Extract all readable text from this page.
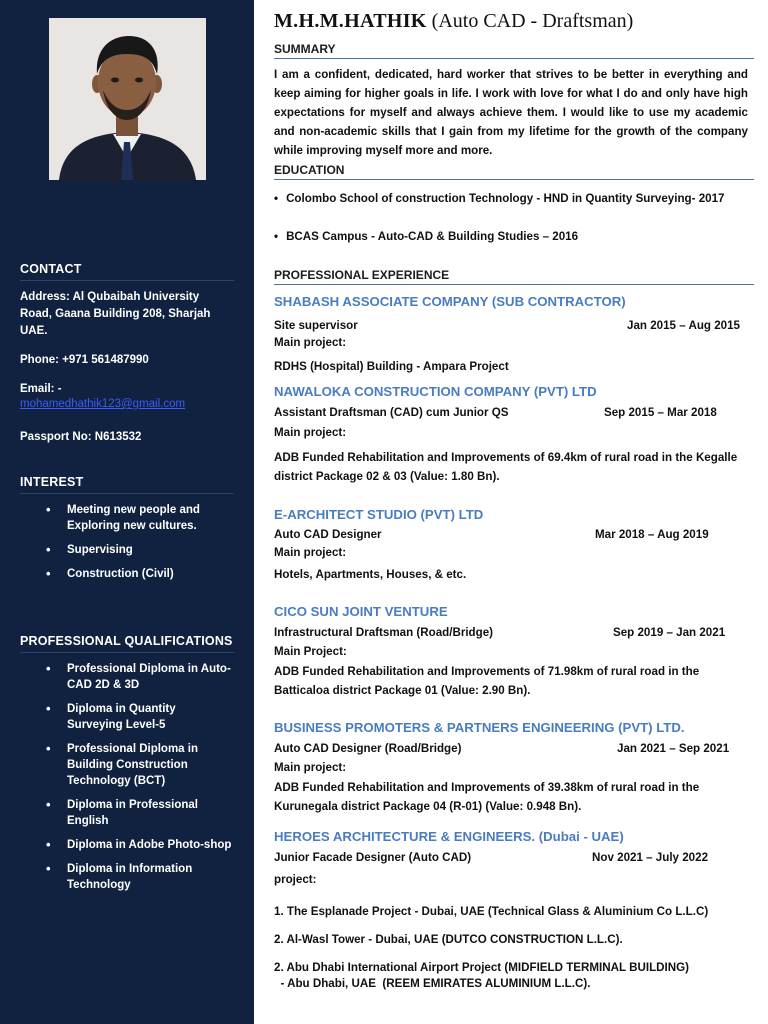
CONTACT
Address: Al Qubaibah University Road, Gaana Building 208, Sharjah UAE.
Phone: +971 561487990
Email: -
mohamedhathik123@gmail.com
Passport No: N613532
INTEREST
• Meeting new people and Exploring new cultures.
• Supervising
• Construction (Civil)
PROFESSIONAL QUALIFICATIONS
• Professional Diploma in Auto-CAD 2D & 3D
• Diploma in Quantity Surveying Level-5
• Professional Diploma in Building Construction Technology (BCT)
• Diploma in Professional English
• Diploma in Adobe Photo-shop
• Diploma in Information Technology
M.H.M.HATHIK (Auto CAD - Draftsman)
SUMMARY
I am a confident, dedicated, hard worker that strives to be better in everything and keep aiming for higher goals in life. I work with love for what I do and only have high expectations for myself and always achieve them. I would like to use my academic and non-academic skills that I gain from my lifetime for the growth of the company while improving myself more and more.
EDUCATION
• Colombo School of construction Technology - HND in Quantity Surveying- 2017
• BCAS Campus - Auto-CAD & Building Studies – 2016
PROFESSIONAL EXPERIENCE
SHABASH ASSOCIATE COMPANY (SUB CONTRACTOR)
Site supervisor	Jan 2015 – Aug 2015
Main project:
RDHS (Hospital) Building - Ampara Project
NAWALOKA CONSTRUCTION COMPANY (PVT) LTD
Assistant Draftsman (CAD) cum Junior QS	Sep 2015 – Mar 2018
Main project:
ADB Funded Rehabilitation and Improvements of 69.4km of rural road in the Kegalle district Package 02 & 03 (Value: 1.80 Bn).
E-ARCHITECT STUDIO (PVT) LTD
Auto CAD Designer	Mar 2018 – Aug 2019
Main project:
Hotels, Apartments, Houses, & etc.
CICO SUN JOINT VENTURE
Infrastructural Draftsman (Road/Bridge)	Sep 2019 – Jan 2021
Main Project:
ADB Funded Rehabilitation and Improvements of 71.98km of rural road in the Batticaloa district Package 01 (Value: 2.90 Bn).
BUSINESS PROMOTERS & PARTNERS ENGINEERING (PVT) LTD.
Auto CAD Designer (Road/Bridge)	Jan 2021 – Sep 2021
Main project:
ADB Funded Rehabilitation and Improvements of 39.38km of rural road in the Kurunegala district Package 04 (R-01) (Value: 0.948 Bn).
HEROES ARCHITECTURE & ENGINEERS. (Dubai - UAE)
Junior Facade Designer (Auto CAD)	Nov 2021 – July 2022
project:
1. The Esplanade Project - Dubai, UAE (Technical Glass & Aluminium Co L.L.C)
2. Al-Wasl Tower - Dubai, UAE (DUTCO CONSTRUCTION L.L.C).
2. Abu Dhabi International Airport Project (MIDFIELD TERMINAL BUILDING)
- Abu Dhabi, UAE  (REEM EMIRATES ALUMINIUM L.L.C).
